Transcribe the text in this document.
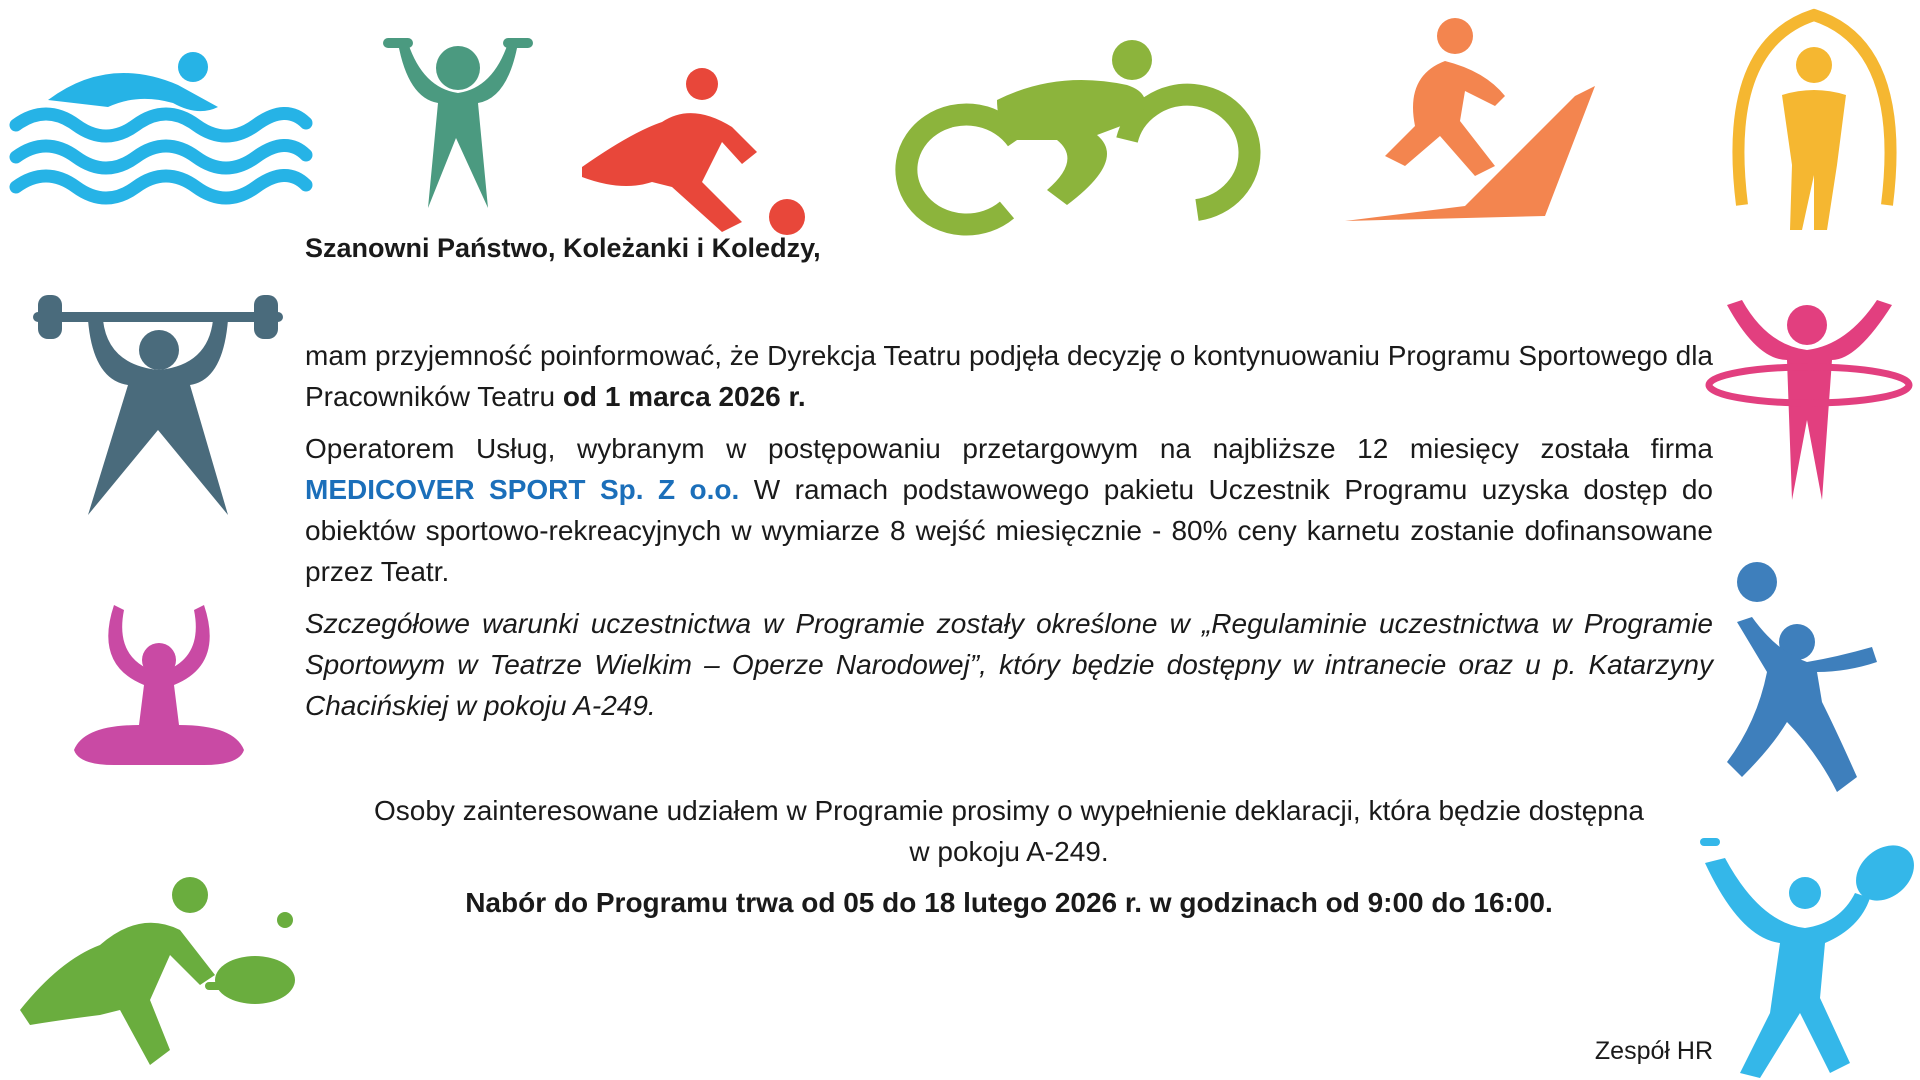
Szanowni Państwo, Koleżanki i Koledzy,
mam przyjemność poinformować, że Dyrekcja Teatru podjęła decyzję o kontynuowaniu Programu Sportowego dla Pracowników Teatru od 1 marca 2026 r.
Operatorem Usług, wybranym w postępowaniu przetargowym na najbliższe 12 miesięcy została firma MEDICOVER SPORT Sp. Z o.o. W ramach podstawowego pakietu Uczestnik Programu uzyska dostęp do obiektów sportowo-rekreacyjnych w wymiarze 8 wejść miesięcznie - 80% ceny karnetu zostanie dofinansowane przez Teatr.
Szczegółowe warunki uczestnictwa w Programie zostały określone w „Regulaminie uczestnictwa w Programie Sportowym w Teatrze Wielkim – Operze Narodowej”, który będzie dostępny w intranecie oraz u p. Katarzyny Chacińskiej w pokoju A-249.
Osoby zainteresowane udziałem w Programie prosimy o wypełnienie deklaracji, która będzie dostępna
w pokoju A-249.
Nabór do Programu trwa od 05 do 18 lutego 2026 r. w godzinach od 9:00 do 16:00.
Zespół HR
